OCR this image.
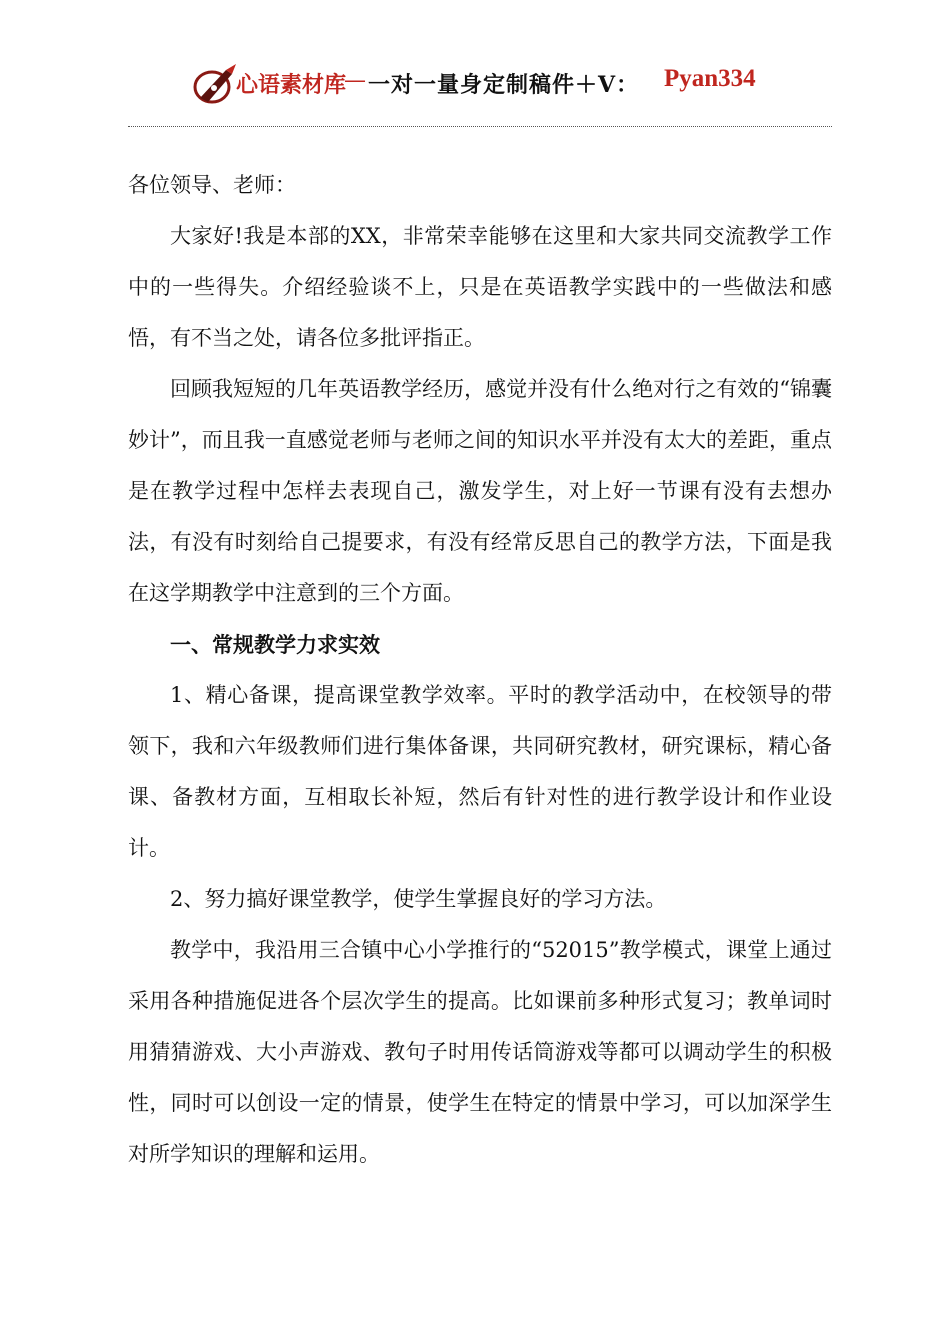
心语素材库
— 一对一量身定制稿件＋V： Pyan334

各位领导、老师：

大家好!我是本部的XX，非常荣幸能够在这里和大家共同交流教学工作中的一些得失。介绍经验谈不上，只是在英语教学实践中的一些做法和感悟，有不当之处，请各位多批评指正。

回顾我短短的几年英语教学经历，感觉并没有什么绝对行之有效的“锦囊妙计”，而且我一直感觉老师与老师之间的知识水平并没有太大的差距，重点是在教学过程中怎样去表现自己，激发学生，对上好一节课有没有去想办法，有没有时刻给自己提要求，有没有经常反思自己的教学方法，下面是我在这学期教学中注意到的三个方面。

一、常规教学力求实效

1、精心备课，提高课堂教学效率。平时的教学活动中，在校领导的带领下，我和六年级教师们进行集体备课，共同研究教材，研究课标，精心备课、备教材方面，互相取长补短，然后有针对性的进行教学设计和作业设计。

2、努力搞好课堂教学，使学生掌握良好的学习方法。

教学中，我沿用三合镇中心小学推行的“52015”教学模式，课堂上通过采用各种措施促进各个层次学生的提高。比如课前多种形式复习；教单词时用猜猜游戏、大小声游戏、教句子时用传话筒游戏等都可以调动学生的积极性，同时可以创设一定的情景，使学生在特定的情景中学习，可以加深学生对所学知识的理解和运用。
